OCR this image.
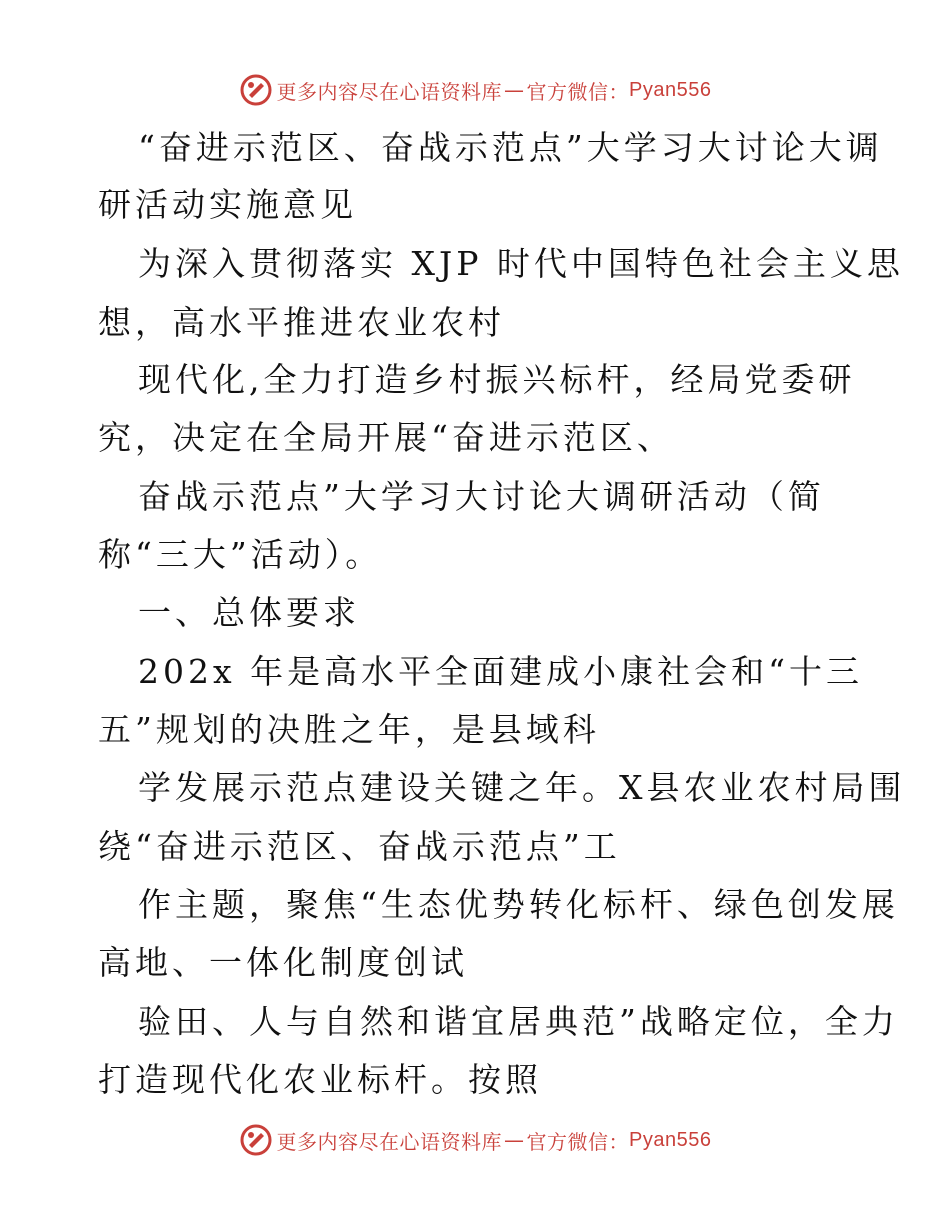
更多内容尽在心语资料库 — 官方微信： Pyan556
“奋进示范区、奋战示范点”大学习大讨论大调
研活动实施意见
为深入贯彻落实 XJP 时代中国特色社会主义思
想，高水平推进农业农村
现代化,全力打造乡村振兴标杆，经局党委研
究，决定在全局开展“奋进示范区、
奋战示范点”大学习大讨论大调研活动（简
称“三大”活动）。
一、总体要求
202x 年是高水平全面建成小康社会和“十三
五”规划的决胜之年，是县域科
学发展示范点建设关键之年。X县农业农村局围
绕“奋进示范区、奋战示范点”工
作主题，聚焦“生态优势转化标杆、绿色创发展
高地、一体化制度创试
验田、人与自然和谐宜居典范”战略定位，全力
打造现代化农业标杆。按照
更多内容尽在心语资料库 — 官方微信： Pyan556
